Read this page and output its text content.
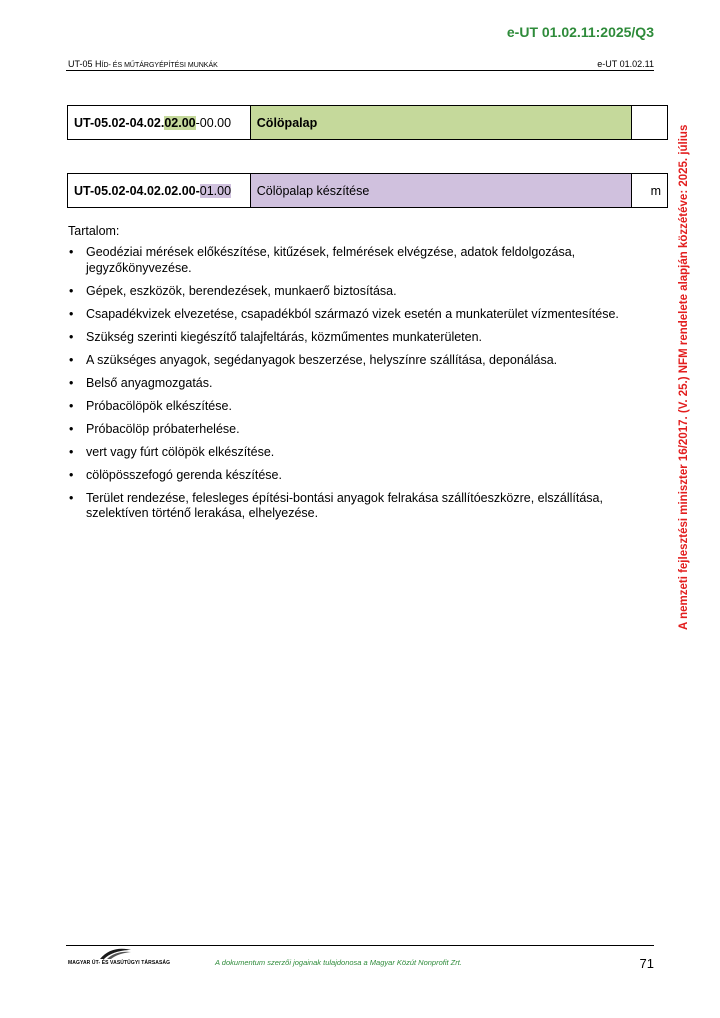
e-UT 01.02.11:2025/Q3
UT-05 HÍD- ÉS MŰTÁRGYÉPÍTÉSI MUNKÁK	e-UT 01.02.11
A nemzeti fejlesztési miniszter 16/2017. (V. 25.) NFM rendelete alapján közzétéve: 2025. július
UT-05.02-04.02.02.00-00.00	Cölöpalap	
UT-05.02-04.02.02.00-01.00	Cölöpalap készítése	m
Tartalom:
• Geodéziai mérések előkészítése, kitűzések, felmérések elvégzése, adatok feldolgozása, jegyzőkönyvezése.
• Gépek, eszközök, berendezések, munkaerő biztosítása.
• Csapadékvizek elvezetése, csapadékból származó vizek esetén a munkaterület vízmentesítése.
• Szükség szerinti kiegészítő talajfeltárás, közműmentes munkaterületen.
• A szükséges anyagok, segédanyagok beszerzése, helyszínre szállítása, deponálása.
• Belső anyagmozgatás.
• Próbacölöpök elkészítése.
• Próbacölöp próbaterhelése.
• vert vagy fúrt cölöpök elkészítése.
• cölöpösszefogó gerenda készítése.
• Terület rendezése, felesleges építési-bontási anyagok felrakása szállítóeszközre, elszállítása, szelektíven történő lerakása, elhelyezése.
MAGYAR ÚT- ÉS VASÚTÜGYI TÁRSASÁG	A dokumentum szerzői jogainak tulajdonosa a Magyar Közút Nonprofit Zrt.	71
